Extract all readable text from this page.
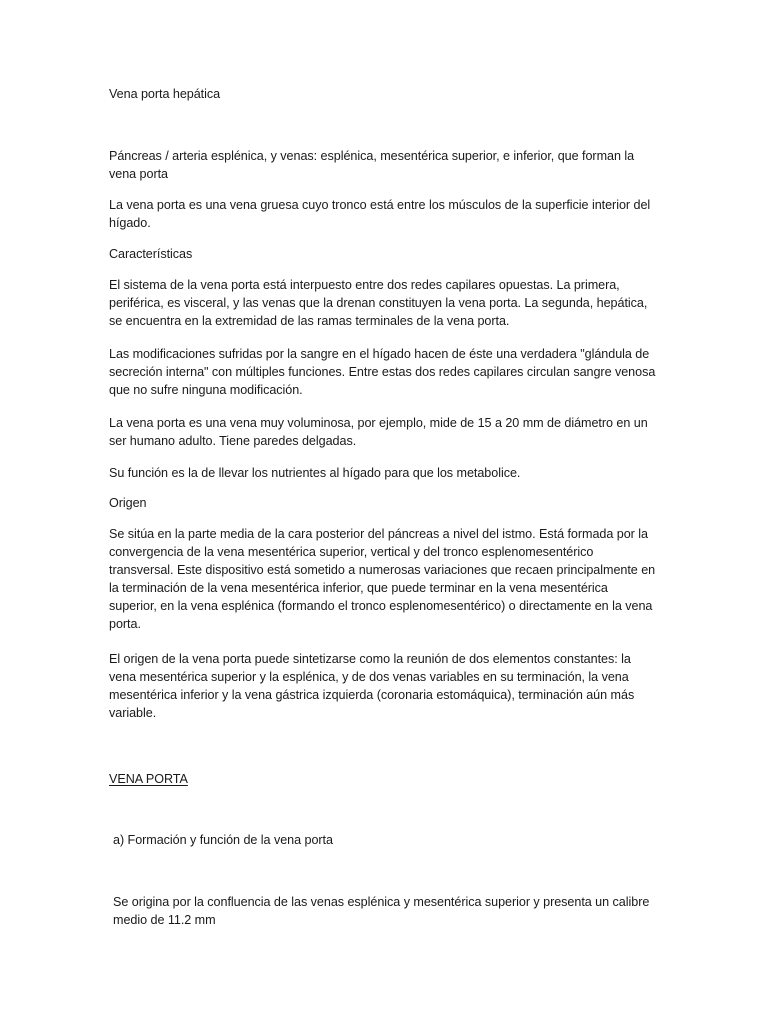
Vena porta hepática

Páncreas / arteria esplénica, y venas: esplénica, mesentérica superior, e inferior, que forman la vena porta

La vena porta es una vena gruesa cuyo tronco está entre los músculos de la superficie interior del hígado.

Características

El sistema de la vena porta está interpuesto entre dos redes capilares opuestas. La primera, periférica, es visceral, y las venas que la drenan constituyen la vena porta. La segunda, hepática, se encuentra en la extremidad de las ramas terminales de la vena porta.

Las modificaciones sufridas por la sangre en el hígado hacen de éste una verdadera "glándula de secreción interna" con múltiples funciones. Entre estas dos redes capilares circulan sangre venosa que no sufre ninguna modificación.

La vena porta es una vena muy voluminosa, por ejemplo, mide de 15 a 20 mm de diámetro en un ser humano adulto. Tiene paredes delgadas.

Su función es la de llevar los nutrientes al hígado para que los metabolice.

Origen

Se sitúa en la parte media de la cara posterior del páncreas a nivel del istmo. Está formada por la convergencia de la vena mesentérica superior, vertical y del tronco esplenomesentérico transversal. Este dispositivo está sometido a numerosas variaciones que recaen principalmente en la terminación de la vena mesentérica inferior, que puede terminar en la vena mesentérica superior, en la vena esplénica (formando el tronco esplenomesentérico) o directamente en la vena porta.

El origen de la vena porta puede sintetizarse como la reunión de dos elementos constantes: la vena mesentérica superior y la esplénica, y de dos venas variables en su terminación, la vena mesentérica inferior y la vena gástrica izquierda (coronaria estomáquica), terminación aún más variable.

VENA PORTA

a) Formación y función de la vena porta

Se origina por la confluencia de las venas esplénica y mesentérica superior y presenta un calibre medio de 11.2 mm
